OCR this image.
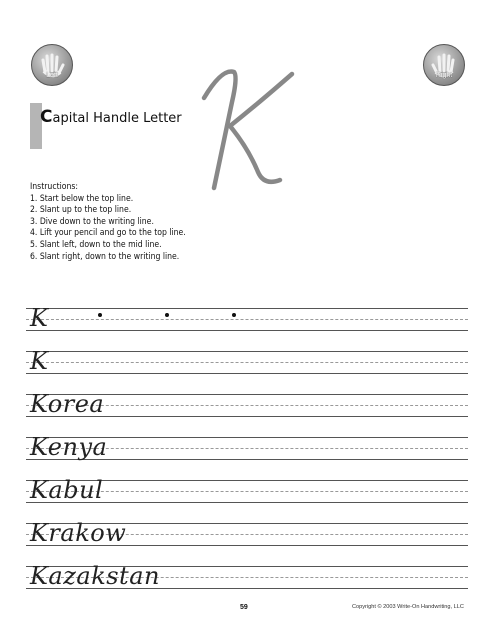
Left	Right
Capital Handle Letter
Instructions:
1. Start below the top line.
2. Slant up to the top line.
3. Dive down to the writing line.
4. Lift your pencil and go to the top line.
5. Slant left, down to the mid line.
6. Slant right, down to the writing line.
K
K
Korea
Kenya
Kabul
Krakow
Kazakstan
59	Copyright © 2003 Write-On Handwriting, LLC
